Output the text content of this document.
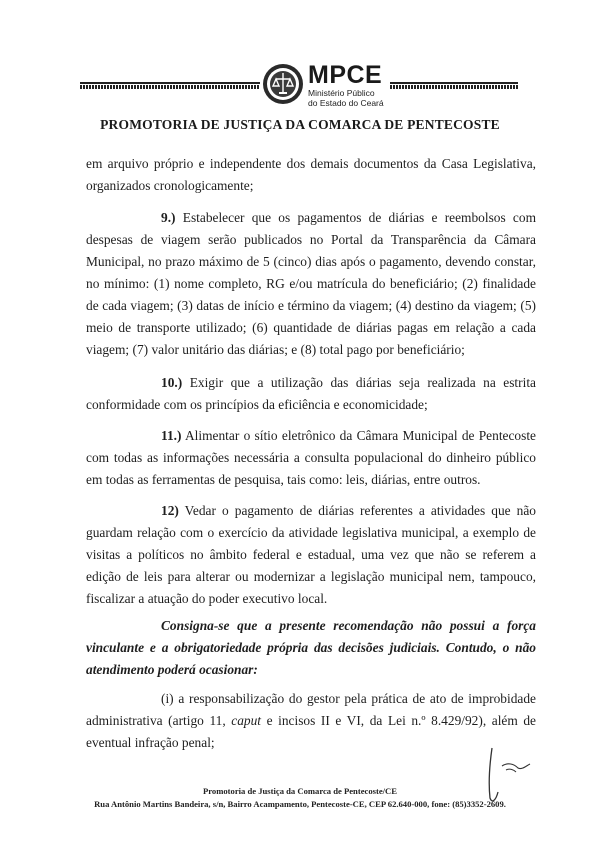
MPCE
Ministério Público
do Estado do Ceará
PROMOTORIA DE JUSTIÇA DA COMARCA DE PENTECOSTE

em arquivo próprio e independente dos demais documentos da Casa Legislativa, organizados cronologicamente;

9.) Estabelecer que os pagamentos de diárias e reembolsos com despesas de viagem serão publicados no Portal da Transparência da Câmara Municipal, no prazo máximo de 5 (cinco) dias após o pagamento, devendo constar, no mínimo: (1) nome completo, RG e/ou matrícula do beneficiário; (2) finalidade de cada viagem; (3) datas de início e término da viagem; (4) destino da viagem; (5) meio de transporte utilizado; (6) quantidade de diárias pagas em relação a cada viagem; (7) valor unitário das diárias; e (8) total pago por beneficiário;

10.) Exigir que a utilização das diárias seja realizada na estrita conformidade com os princípios da eficiência e economicidade;

11.) Alimentar o sítio eletrônico da Câmara Municipal de Pentecoste com todas as informações necessária a consulta populacional do dinheiro público em todas as ferramentas de pesquisa, tais como: leis, diárias, entre outros.

12) Vedar o pagamento de diárias referentes a atividades que não guardam relação com o exercício da atividade legislativa municipal, a exemplo de visitas a políticos no âmbito federal e estadual, uma vez que não se referem a edição de leis para alterar ou modernizar a legislação municipal nem, tampouco, fiscalizar a atuação do poder executivo local.

Consigna-se que a presente recomendação não possui a força vinculante e a obrigatoriedade própria das decisões judiciais. Contudo, o não atendimento poderá ocasionar:

(i) a responsabilização do gestor pela prática de ato de improbidade administrativa (artigo 11, caput e incisos II e VI, da Lei n.º 8.429/92), além de eventual infração penal;

Promotoria de Justiça da Comarca de Pentecoste/CE
Rua Antônio Martins Bandeira, s/n, Bairro Acampamento, Pentecoste-CE, CEP 62.640-000, fone: (85)3352-2609.
